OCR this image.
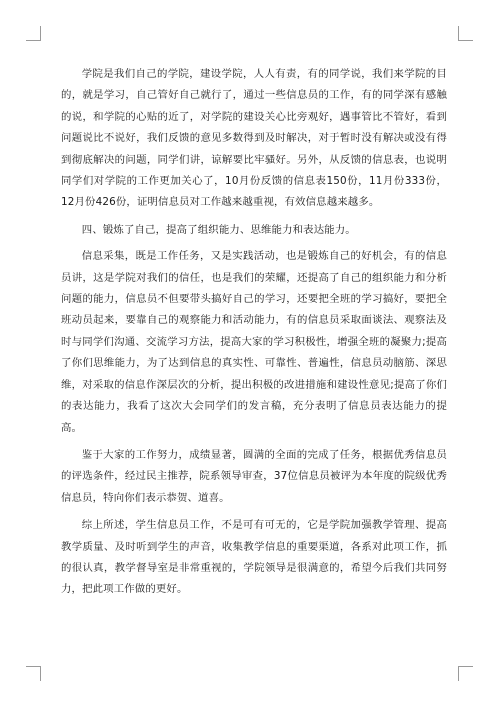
学院是我们自己的学院，建设学院，人人有责，有的同学说，我们来学院的目的，就是学习，自己管好自己就行了，通过一些信息员的工作，有的同学深有感触的说，和学院的心贴的近了，对学院的建设关心比旁观好，遇事管比不管好，看到问题说比不说好，我们反馈的意见多数得到及时解决，对于暂时没有解决或没有得到彻底解决的问题，同学们讲，谅解要比牢骚好。另外，从反馈的信息表，也说明同学们对学院的工作更加关心了，10月份反馈的信息表150份，11月份333份，12月份426份，证明信息员对工作越来越重视，有效信息越来越多。

四、锻炼了自己，提高了组织能力、思维能力和表达能力。

信息采集，既是工作任务，又是实践活动，也是锻炼自己的好机会，有的信息员讲，这是学院对我们的信任，也是我们的荣耀，还提高了自己的组织能力和分析问题的能力，信息员不但要带头搞好自己的学习，还要把全班的学习搞好，要把全班动员起来，要靠自己的观察能力和活动能力，有的信息员采取面谈法、观察法及时与同学们沟通、交流学习方法，提高大家的学习积极性，增强全班的凝聚力;提高了你们思维能力，为了达到信息的真实性、可靠性、普遍性，信息员动脑筋、深思维，对采取的信息作深层次的分析，提出积极的改进措施和建设性意见;提高了你们的表达能力，我看了这次大会同学们的发言稿，充分表明了信息员表达能力的提高。

鉴于大家的工作努力，成绩显著，圆满的全面的完成了任务，根据优秀信息员的评选条件，经过民主推荐，院系领导审查，37位信息员被评为本年度的院级优秀信息员，特向你们表示恭贺、道喜。

综上所述，学生信息员工作，不是可有可无的，它是学院加强教学管理、提高教学质量、及时听到学生的声音，收集教学信息的重要渠道，各系对此项工作，抓的很认真，教学督导室是非常重视的，学院领导是很满意的，希望今后我们共同努力，把此项工作做的更好。
